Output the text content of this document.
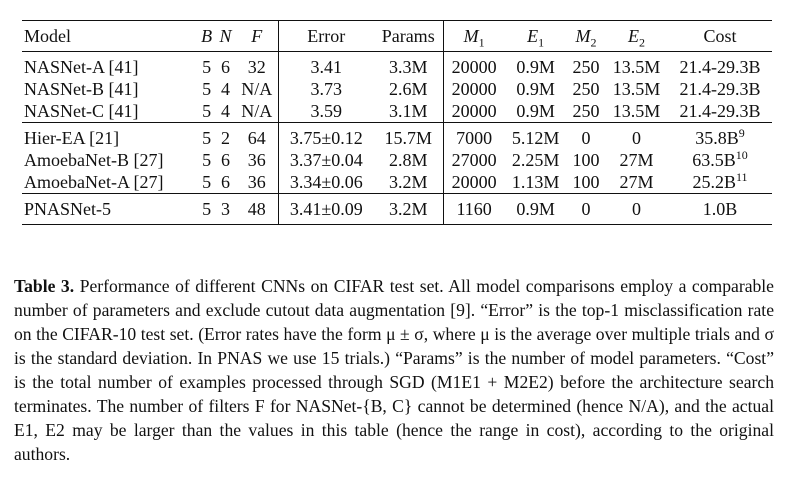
Model	B	N	F	Error	Params	$M_1$	$E_1$	$M_2$	$E_2$	Cost

NASNet-A [41]	5	6	32	3.41	3.3M	20000	0.9M	250	13.5M	21.4-29.3B
NASNet-B [41]	5	4	N/A	3.73	2.6M	20000	0.9M	250	13.5M	21.4-29.3B
NASNet-C [41]	5	4	N/A	3.59	3.1M	20000	0.9M	250	13.5M	21.4-29.3B

Hier-EA [21]	5	2	64	3.75±0.12	15.7M	7000	5.12M	0	0	$35.8B^9$
AmoebaNet-B [27]	5	6	36	3.37±0.04	2.8M	27000	2.25M	100	27M	$63.5B^{10}$
AmoebaNet-A [27]	5	6	36	3.34±0.06	3.2M	20000	1.13M	100	27M	$25.2B^{11}$

PNASNet-5	5	3	48	3.41±0.09	3.2M	1160	0.9M	0	0	1.0B

Table 3. Performance of different CNNs on CIFAR test set. All model comparisons employ a comparable number of parameters and exclude cutout data augmentation [9]. “Error” is the top-1 misclassification rate on the CIFAR-10 test set. (Error rates have the form μ ± σ, where μ is the average over multiple trials and σ is the standard deviation. In PNAS we use 15 trials.) “Params” is the number of model parameters. “Cost” is the total number of examples processed through SGD (M1E1 + M2E2) before the architecture search terminates. The number of filters F for NASNet-{B, C} cannot be determined (hence N/A), and the actual E1, E2 may be larger than the values in this table (hence the range in cost), according to the original authors.
